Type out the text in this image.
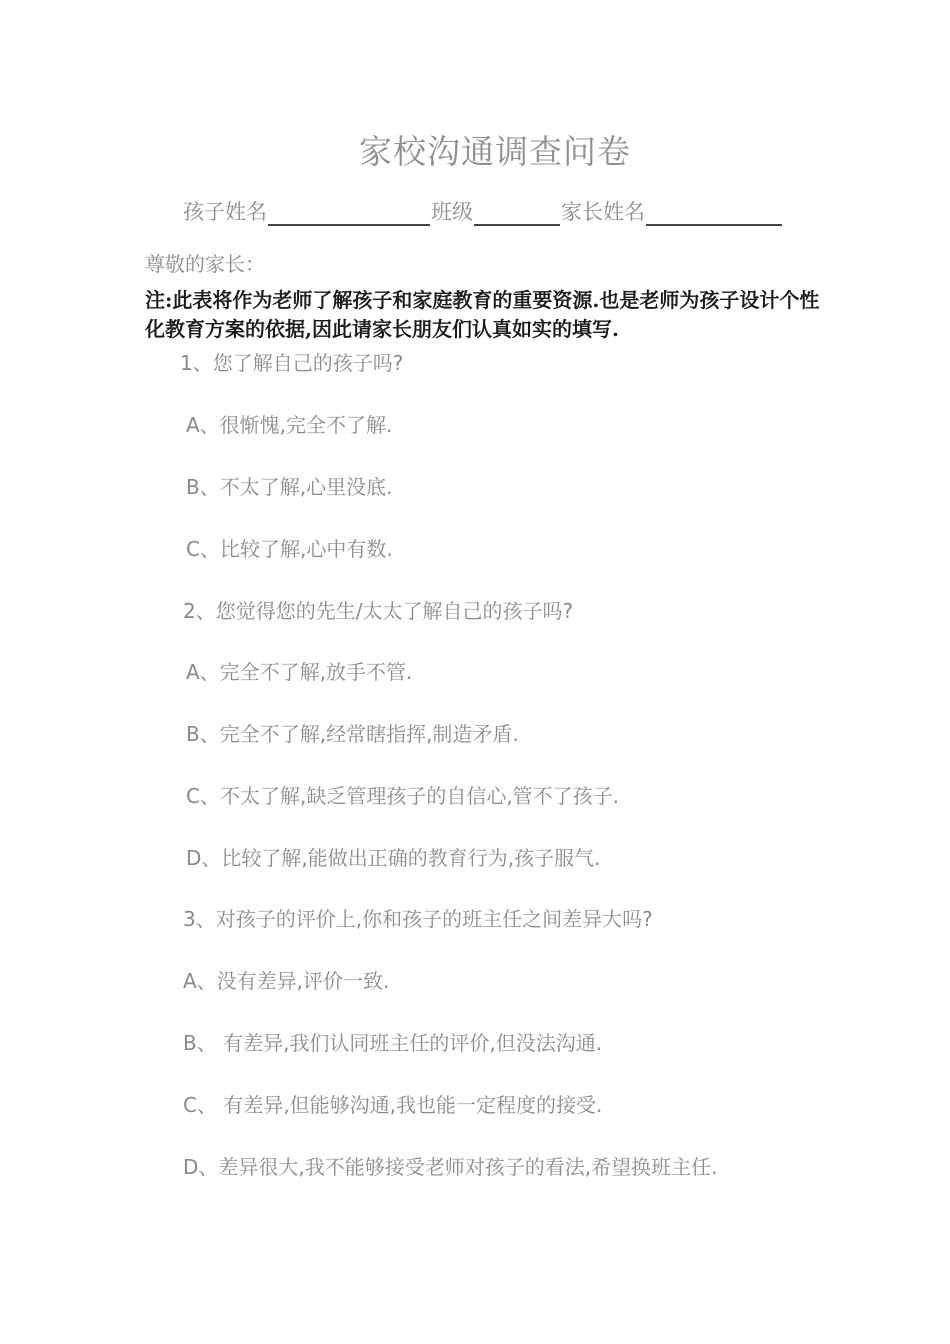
家校沟通调查问卷
孩子姓名	班级	家长姓名
尊敬的家长：
注:此表将作为老师了解孩子和家庭教育的重要资源.也是老师为孩子设计个性化教育方案的依据,因此请家长朋友们认真如实的填写.
1、您了解自己的孩子吗?
A、很惭愧,完全不了解.
B、不太了解,心里没底.
C、比较了解,心中有数.
2、您觉得您的先生/太太了解自己的孩子吗?
A、完全不了解,放手不管.
B、完全不了解,经常瞎指挥,制造矛盾.
C、不太了解,缺乏管理孩子的自信心,管不了孩子.
D、比较了解,能做出正确的教育行为,孩子服气.
3、对孩子的评价上,你和孩子的班主任之间差异大吗?
A、没有差异,评价一致.
B、 有差异,我们认同班主任的评价,但没法沟通.
C、 有差异,但能够沟通,我也能一定程度的接受.
D、差异很大,我不能够接受老师对孩子的看法,希望换班主任.
